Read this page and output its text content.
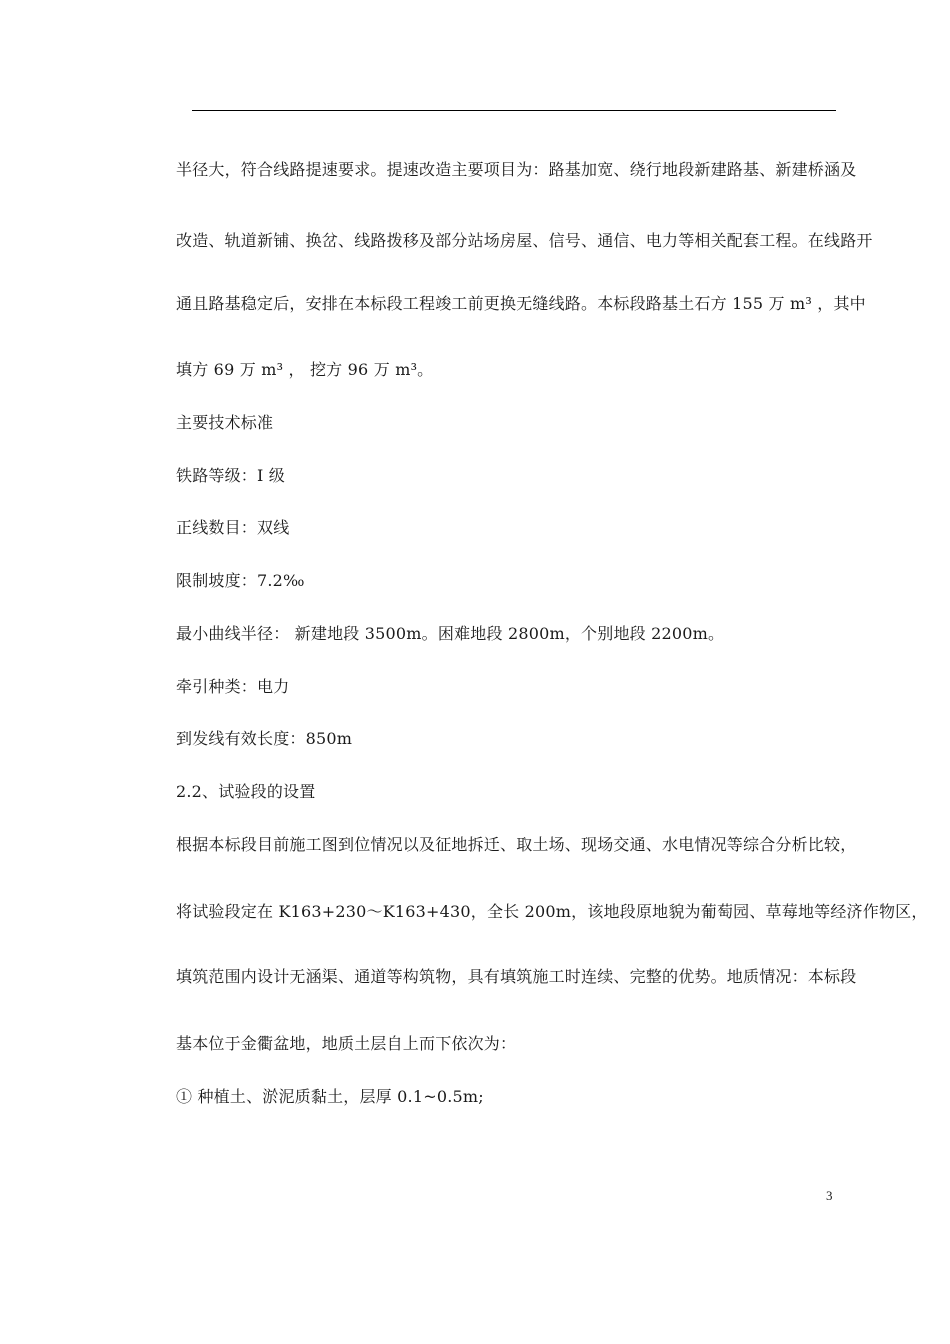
半径大，符合线路提速要求。提速改造主要项目为：路基加宽、绕行地段新建路基、新建桥涵及
改造、轨道新铺、换岔、线路拨移及部分站场房屋、信号、通信、电力等相关配套工程。在线路开
通且路基稳定后，安排在本标段工程竣工前更换无缝线路。本标段路基土石方 155 万 m³ ，其中
填方 69 万 m³ ， 挖方 96 万 m³。
主要技术标准
铁路等级：I 级
正线数目：双线
限制坡度：7.2‰
最小曲线半径： 新建地段 3500m。困难地段 2800m，个别地段 2200m。
牵引种类：电力
到发线有效长度：850m
2.2、试验段的设置
根据本标段目前施工图到位情况以及征地拆迁、取土场、现场交通、水电情况等综合分析比较，
将试验段定在 K163+230～K163+430，全长 200m，该地段原地貌为葡萄园、草莓地等经济作物区，
填筑范围内设计无涵渠、通道等构筑物，具有填筑施工时连续、完整的优势。地质情况：本标段
基本位于金衢盆地，地质土层自上而下依次为：
① 种植土、淤泥质黏土，层厚 0.1~0.5m;
3
